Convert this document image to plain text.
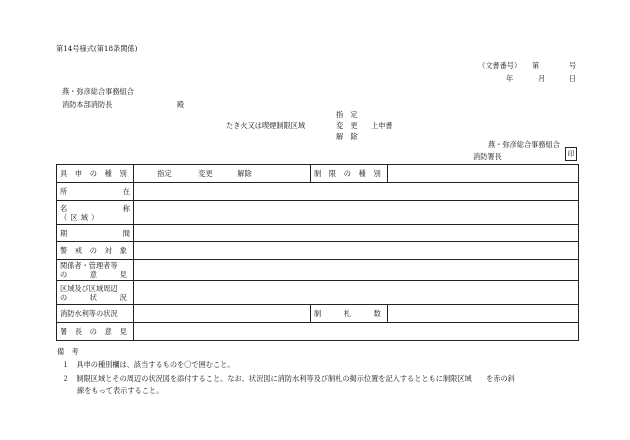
第14号様式(第18条関係)
（文書番号） 第	号
年	月	日
燕・弥彦総合事務組合
消防本部消防長	殿
指　定
たき火又は喫煙制限区域	変　更 上申書
解　除
燕・弥彦総合事務組合
消防署長	印
具 申 の 種 別	指定 変更 解除	制 限 の 種 別	

所 在			

名 称
（区域）			

期 間			

警 戒 の 対 象			

関係者・管理者等
の 意 見			

区域及び区域周辺
の 状 況			

消防水利等の状況		制 札 数	

署 長 の 意 見			

備　考
１　具申の種別欄は、該当するものを〇で囲むこと。
２　制限区域とその周辺の状況図を添付すること。なお、状況図に消防水利等及び制札の掲示位置を記入するとともに制限区域　　を赤の斜
線をもって表示すること。
